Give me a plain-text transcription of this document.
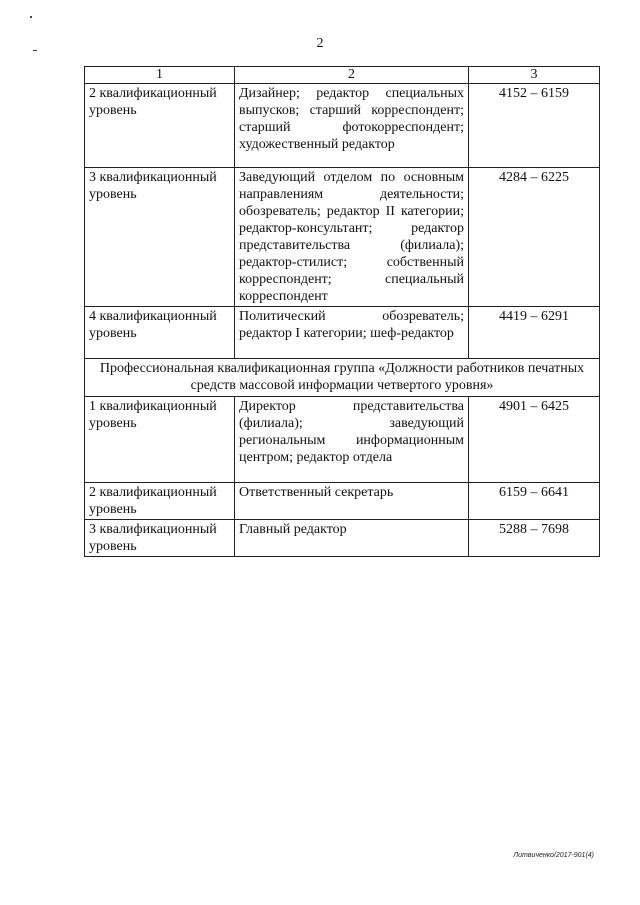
2
1	2	3
2 квалификационный уровень	Дизайнер; редактор специальных выпусков; старший корреспондент; старший фотокорреспондент; художественный редактор	4152 – 6159
3 квалификационный уровень	Заведующий отделом по основным направлениям деятельности; обозреватель; редактор II категории; редактор-консультант; редактор представительства (филиала); редактор-стилист; собственный корреспондент; специальный корреспондент	4284 – 6225
4 квалификационный уровень	Политический обозреватель; редактор I категории; шеф-редактор	4419 – 6291
Профессиональная квалификационная группа «Должности работников печатных средств массовой информации четвертого уровня»		
1 квалификационный уровень	Директор представительства (филиала); заведующий региональным информационным центром; редактор отдела	4901 – 6425
2 квалификационный уровень	Ответственный секретарь	6159 – 6641
3 квалификационный уровень	Главный редактор	5288 – 7698
Литвиченко/2017-901(4)
